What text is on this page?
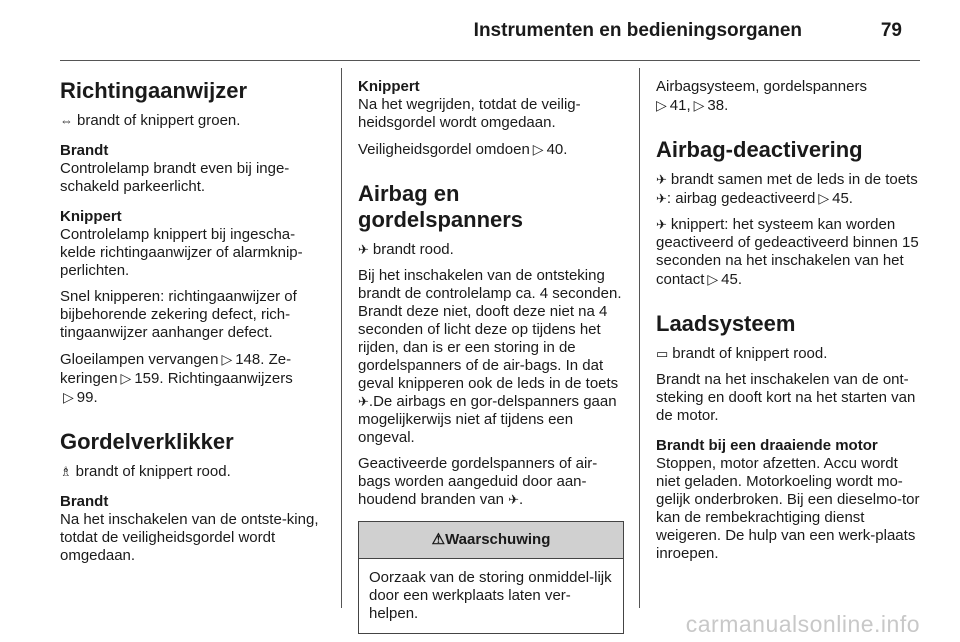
Instrumenten en bedieningsorganen	79
Richtingaanwijzer
⇔ brandt of knippert groen.
Brandt
Controlelamp brandt even bij inge-schakeld parkeerlicht.
Knippert
Controlelamp knippert bij ingescha-kelde richtingaanwijzer of alarmknip-perlichten.
Snel knipperen: richtingaanwijzer of bijbehorende zekering defect, rich-tingaanwijzer aanhanger defect.
Gloeilampen vervangen ▷ 148. Ze-keringen ▷ 159. Richtingaanwijzers
▷ 99.
Gordelverklikker
♗ brandt of knippert rood.
Brandt
Na het inschakelen van de ontste-king, totdat de veiligheidsgordel wordt omgedaan.
Knippert
Na het wegrijden, totdat de veilig-heidsgordel wordt omgedaan.
Veiligheidsgordel omdoen ▷ 40.
Airbag en gordelspanners
✈ brandt rood.
Bij het inschakelen van de ontsteking brandt de controlelamp ca. 4 seconden. Brandt deze niet, dooft deze niet na 4 seconden of licht deze op tijdens het rijden, dan is er een storing in de gordelspanners of de air-bags. In dat geval knipperen ook de leds in de toets ✈.De airbags en gor-delspanners gaan mogelijkerwijs niet af tijdens een ongeval.
Geactiveerde gordelspanners of air-bags worden aangeduid door aan-houdend branden van ✈.
⚠Waarschuwing
Oorzaak van de storing onmiddel-lijk door een werkplaats laten ver-helpen.
Airbagsysteem, gordelspanners
▷ 41, ▷ 38.
Airbag-deactivering
✈ brandt samen met de leds in de toets ✈: airbag gedeactiveerd ▷ 45.
✈ knippert: het systeem kan worden geactiveerd of gedeactiveerd binnen 15 seconden na het inschakelen van het contact ▷ 45.
Laadsysteem
▭ brandt of knippert rood.
Brandt na het inschakelen van de ont-steking en dooft kort na het starten van de motor.
Brandt bij een draaiende motor
Stoppen, motor afzetten. Accu wordt niet geladen. Motorkoeling wordt mo-gelijk onderbroken. Bij een dieselmo-tor kan de rembekrachtiging dienst weigeren. De hulp van een werk-plaats inroepen.
carmanualsonline.info
